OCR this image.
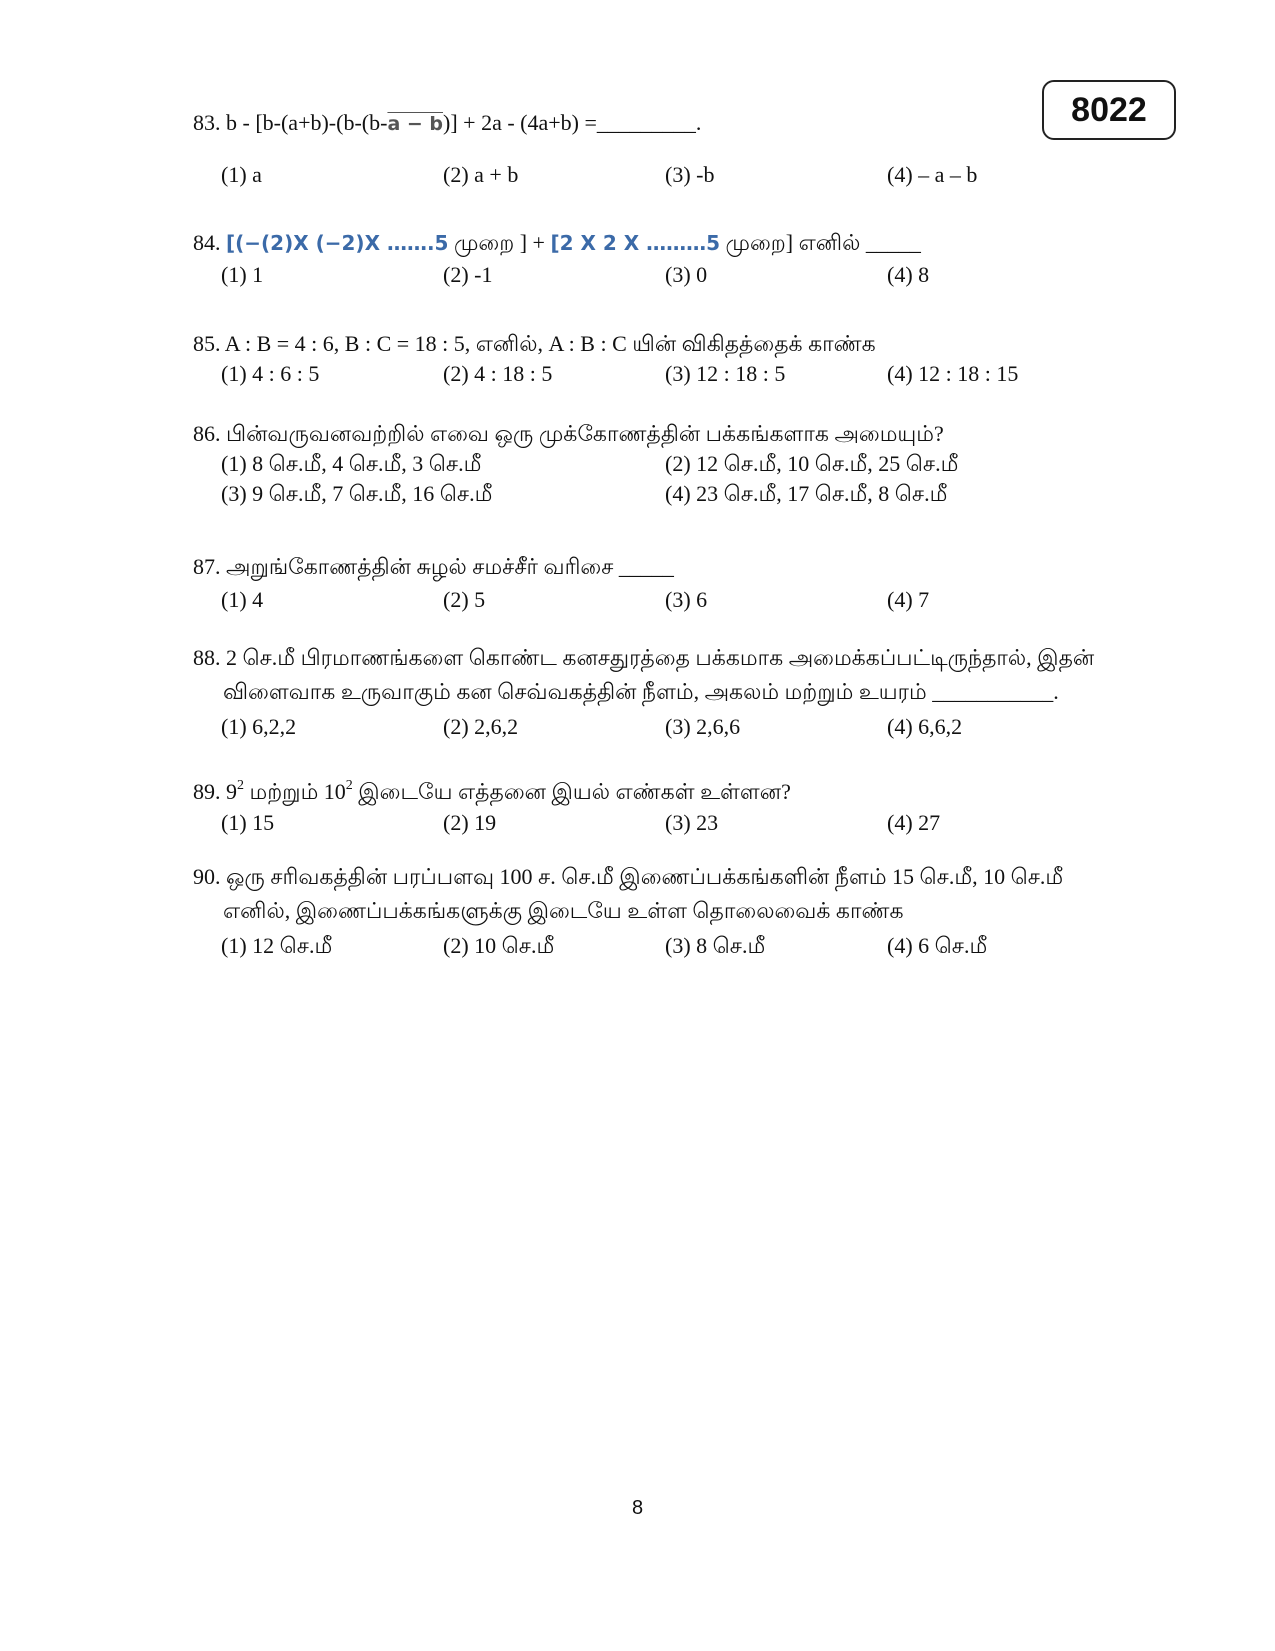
8022
83. b - [b-(a+b)-(b-(b-a − b)] + 2a - (4a+b) =_________.
(1) a	(2) a + b	(3) -b	(4) – a – b
84. [(−(2)X (−2)X …….5 முறை ] + [2 X 2 X ………5 முறை] எனில் _____
(1) 1	(2) -1	(3) 0	(4) 8
85. A : B = 4 : 6, B : C = 18 : 5, எனில், A : B : C யின் விகிதத்தைக் காண்க
(1) 4 : 6 : 5	(2) 4 : 18 : 5	(3) 12 : 18 : 5	(4) 12 : 18 : 15
86. பின்வருவனவற்றில் எவை ஒரு முக்கோணத்தின் பக்கங்களாக அமையும்?
(1) 8 செ.மீ, 4 செ.மீ, 3 செ.மீ	(2) 12 செ.மீ, 10 செ.மீ, 25 செ.மீ
(3) 9 செ.மீ, 7 செ.மீ, 16 செ.மீ	(4) 23 செ.மீ, 17 செ.மீ, 8 செ.மீ
87. அறுங்கோணத்தின் சுழல் சமச்சீர் வரிசை _____
(1) 4	(2) 5	(3) 6	(4) 7
88. 2 செ.மீ பிரமாணங்களை கொண்ட கனசதுரத்தை பக்கமாக அமைக்கப்பட்டிருந்தால், இதன்
விளைவாக உருவாகும் கன செவ்வகத்தின் நீளம், அகலம் மற்றும் உயரம் ___________.
(1) 6,2,2	(2) 2,6,2	(3) 2,6,6	(4) 6,6,2
89. $9^2$ மற்றும் $10^2$ இடையே எத்தனை இயல் எண்கள் உள்ளன?
(1) 15	(2) 19	(3) 23	(4) 27
90. ஒரு சரிவகத்தின் பரப்பளவு 100 ச. செ.மீ இணைப்பக்கங்களின் நீளம் 15 செ.மீ, 10 செ.மீ
எனில், இணைப்பக்கங்களுக்கு இடையே உள்ள தொலைவைக் காண்க
(1) 12 செ.மீ	(2) 10 செ.மீ	(3) 8 செ.மீ	(4) 6 செ.மீ
8
